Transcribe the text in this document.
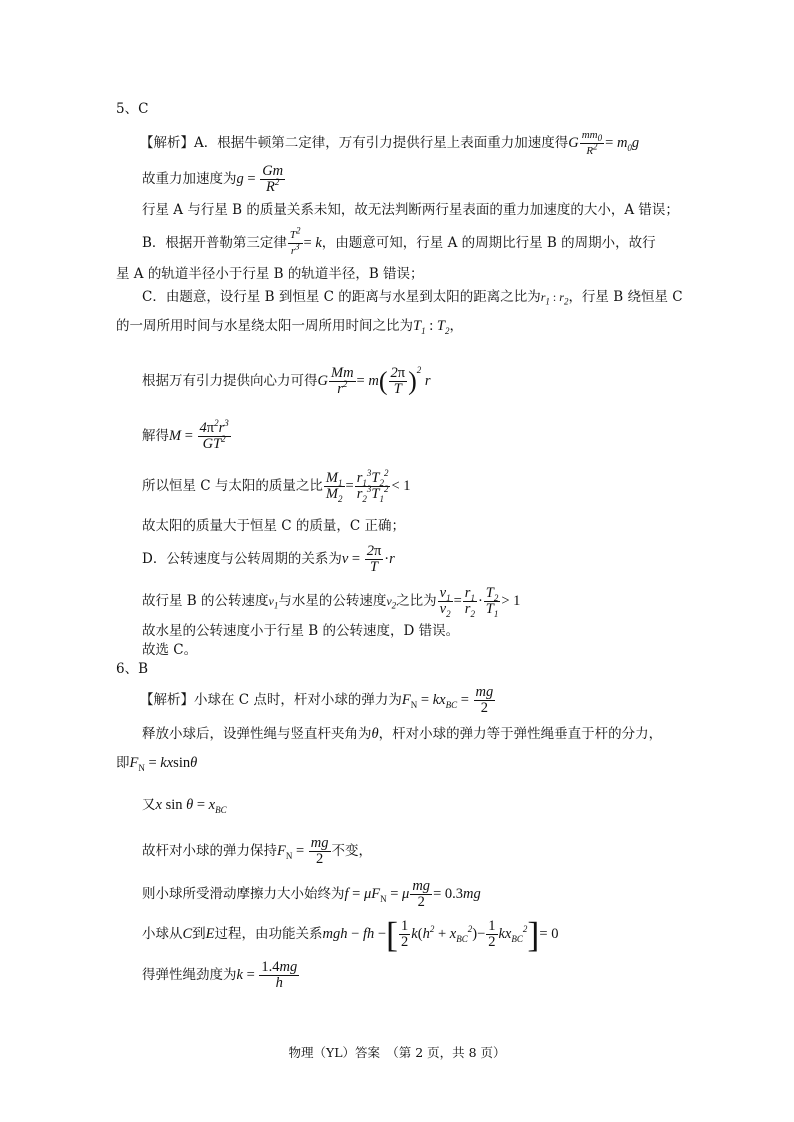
5、C
【解析】A．根据牛顿第二定律，万有引力提供行星上表面重力加速度得G $\frac{mm_0}{R^2} = m_0g$
故重力加速度为$g = \frac{Gm}{R^2}$
行星 A 与行星 B 的质量关系未知，故无法判断两行星表面的重力加速度的大小，A 错误；
B．根据开普勒第三定律 $\frac{T^2}{r^3} = k$，由题意可知，行星 A 的周期比行星 B 的周期小，故行
星 A 的轨道半径小于行星 B 的轨道半径，B 错误；
C．由题意，设行星 B 到恒星 C 的距离与水星到太阳的距离之比为$r_1$ : $r_2$，行星 B 绕恒星 C
的一周所用时间与水星绕太阳一周所用时间之比为$T_1$ : $T_2$，
根据万有引力提供向心力可得G $\frac{Mm}{r^2} = m( \frac{2\pi}{T} )^2$ r
解得$M = \frac{4\pi^2r^3}{GT^2}$
所以恒星 C 与太阳的质量之比 $\frac{M_1}{M_2} = \frac{r_1^3T_2^2}{r_2^3T_1^2} < 1$
故太阳的质量大于恒星 C 的质量，C 正确；
D．公转速度与公转周期的关系为$v = \frac{2\pi}{T} \cdot r$
故行星 B 的公转速度$v_1$与水星的公转速度$v_2$之比为 $\frac{v_1}{v_2} = \frac{r_1}{r_2} \cdot \frac{T_2}{T_1} > 1$
故水星的公转速度小于行星 B 的公转速度，D 错误。
故选 C。
6、B
【解析】小球在 C 点时，杆对小球的弹力为$F_N = kx_{BC} = \frac{mg}{2}$
释放小球后，设弹性绳与竖直杆夹角为θ，杆对小球的弹力等于弹性绳垂直于杆的分力，
即$F_N = kxsin\theta$
又x $\sin \theta = x_{BC}$
故杆对小球的弹力保持$F_N = \frac{mg}{2}$ 不变，
则小球所受滑动摩擦力大小始终为$f = \mu F_N = \mu \frac{mg}{2} = 0.3mg$
小球从C到E过程，由功能关系mgh − fh −[ $\frac{1}{2} k(h^2 + x_{BC}^2)- \frac{1}{2} kx_{BC}^2]= 0$
得弹性绳劲度为$k = \frac{1.4mg}{h}$
物理（YL）答案　（第 2 页，共 8 页）
